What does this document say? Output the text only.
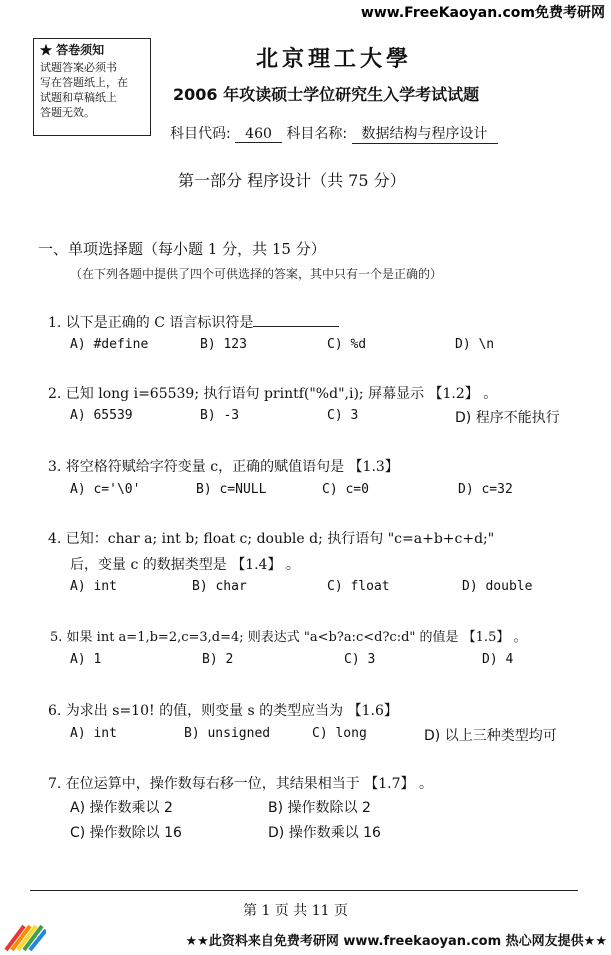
www.FreeKaoyan.com免费考研网
★ 答卷须知
试题答案必须书
写在答题纸上，在
试题和草稿纸上
答题无效。
北京理工大學
2006 年攻读硕士学位研究生入学考试试题
科目代码: 460 科目名称: 数据结构与程序设计
第一部分 程序设计（共 75 分）
一、单项选择题（每小题 1 分，共 15 分）
（在下列各题中提供了四个可供选择的答案，其中只有一个是正确的）
1. 以下是正确的 C 语言标识符是
A) #define	B) 123	C) %d	D) \n
2. 已知 long i=65539; 执行语句 printf("%d",i); 屏幕显示 【1.2】 。
A) 65539	B) -3	C) 3	D) 程序不能执行
3. 将空格符赋给字符变量 c，正确的赋值语句是 【1.3】
A) c='\0'	B) c=NULL	C) c=0	D) c=32
4. 已知：char a; int b; float c; double d; 执行语句 "c=a+b+c+d;"
后，变量 c 的数据类型是 【1.4】 。
A) int	B) char	C) float	D) double
5. 如果 int a=1,b=2,c=3,d=4; 则表达式 "a<b?a:c<d?c:d" 的值是 【1.5】 。
A) 1	B) 2	C) 3	D) 4
6. 为求出 s=10! 的值，则变量 s 的类型应当为 【1.6】
A) int	B) unsigned	C) long	D) 以上三种类型均可
7. 在位运算中，操作数每右移一位，其结果相当于 【1.7】 。
A) 操作数乘以 2	B) 操作数除以 2
C) 操作数除以 16	D) 操作数乘以 16
第 1 页 共 11 页
★★此资料来自免费考研网 www.freekaoyan.com 热心网友提供★★
